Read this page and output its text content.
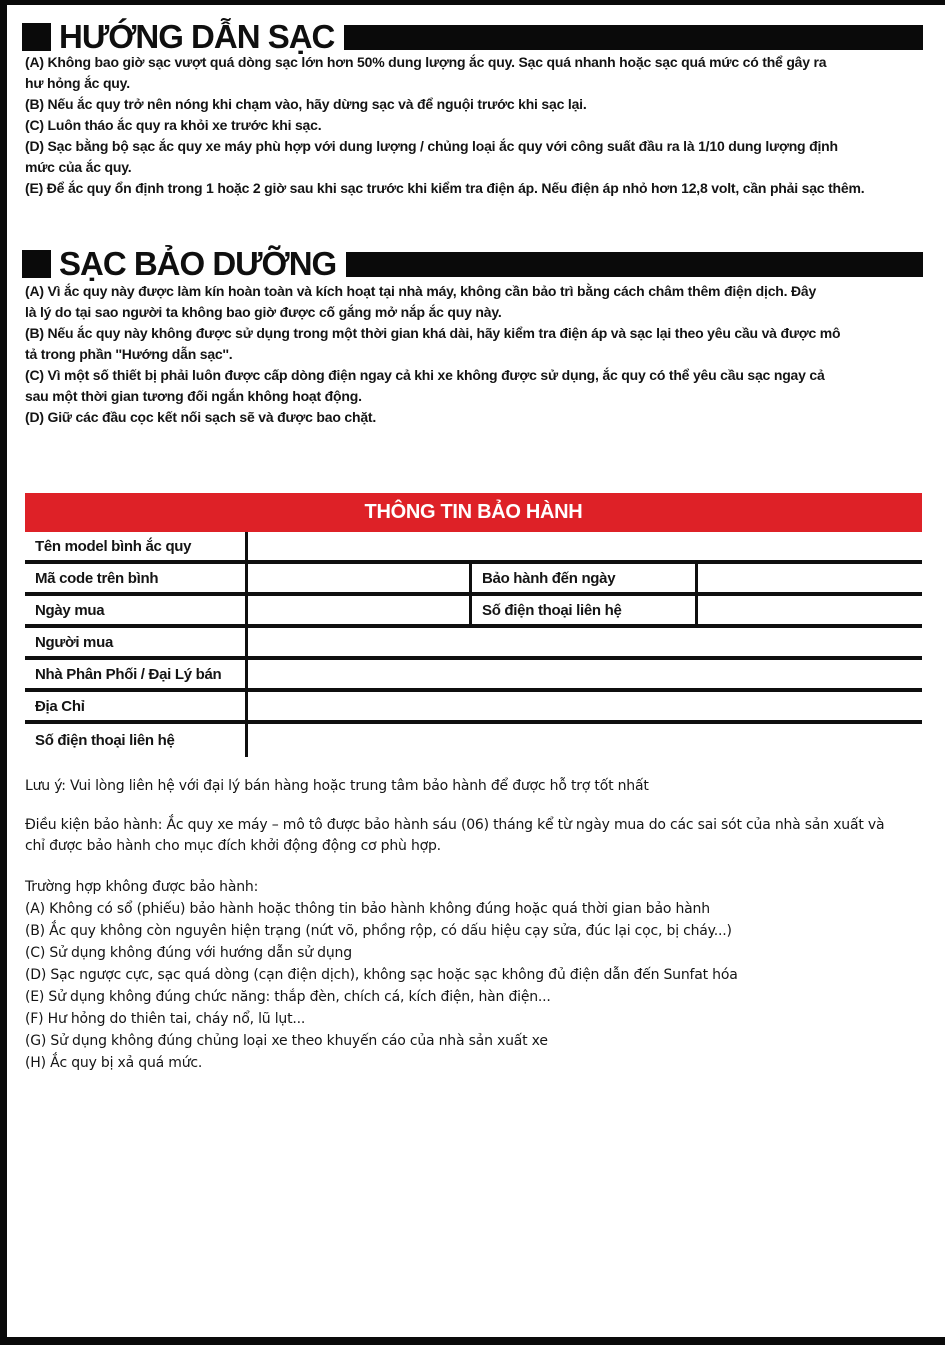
HƯỚNG DẪN SẠC

(A) Không bao giờ sạc vượt quá dòng sạc lớn hơn 50% dung lượng ắc quy. Sạc quá nhanh hoặc sạc quá mức có thể gây ra

hư hỏng ắc quy.

(B) Nếu ắc quy trở nên nóng khi chạm vào, hãy dừng sạc và để nguội trước khi sạc lại.

(C) Luôn tháo ắc quy ra khỏi xe trước khi sạc.

(D) Sạc bằng bộ sạc ắc quy xe máy phù hợp với dung lượng / chủng loại ắc quy với công suất đầu ra là 1/10 dung lượng định

mức của ắc quy.

(E) Để ắc quy ổn định trong 1 hoặc 2 giờ sau khi sạc trước khi kiểm tra điện áp. Nếu điện áp nhỏ hơn 12,8 volt, cần phải sạc thêm.

SẠC BẢO DƯỠNG

(A) Vì ắc quy này được làm kín hoàn toàn và kích hoạt tại nhà máy, không cần bảo trì bằng cách châm thêm điện dịch. Đây

là lý do tại sao người ta không bao giờ được cố gắng mở nắp ắc quy này.

(B) Nếu ắc quy này không được sử dụng trong một thời gian khá dài, hãy kiểm tra điện áp và sạc lại theo yêu cầu và được mô

tả trong phần ''Hướng dẫn sạc''.

(C) Vì một số thiết bị phải luôn được cấp dòng điện ngay cả khi xe không được sử dụng, ắc quy có thể yêu cầu sạc ngay cả

sau một thời gian tương đối ngắn không hoạt động.

(D) Giữ các đầu cọc kết nối sạch sẽ và được bao chặt.

THÔNG TIN BẢO HÀNH
Tên model bình ắc quy
Mã code trên bình	Bảo hành đến ngày
Ngày mua	Số điện thoại liên hệ
Người mua
Nhà Phân Phối / Đại Lý bán
Địa Chỉ
Số điện thoại liên hệ

Lưu ý: Vui lòng liên hệ với đại lý bán hàng hoặc trung tâm bảo hành để được hỗ trợ tốt nhất

Điều kiện bảo hành: Ắc quy xe máy – mô tô được bảo hành sáu (06) tháng kể từ ngày mua do các sai sót của nhà sản xuất và

chỉ được bảo hành cho mục đích khởi động động cơ phù hợp.

Trường hợp không được bảo hành:

(A) Không có sổ (phiếu) bảo hành hoặc thông tin bảo hành không đúng hoặc quá thời gian bảo hành

(B) Ắc quy không còn nguyên hiện trạng (nứt võ, phồng rộp, có dấu hiệu cạy sửa, đúc lại cọc, bị cháy...)

(C) Sử dụng không đúng với hướng dẫn sử dụng

(D) Sạc ngược cực, sạc quá dòng (cạn điện dịch), không sạc hoặc sạc không đủ điện dẫn đến Sunfat hóa

(E) Sử dụng không đúng chức năng: thắp đèn, chích cá, kích điện, hàn điện...

(F) Hư hỏng do thiên tai, cháy nổ, lũ lụt...

(G) Sử dụng không đúng chủng loại xe theo khuyến cáo của nhà sản xuất xe

(H) Ắc quy bị xả quá mức.
